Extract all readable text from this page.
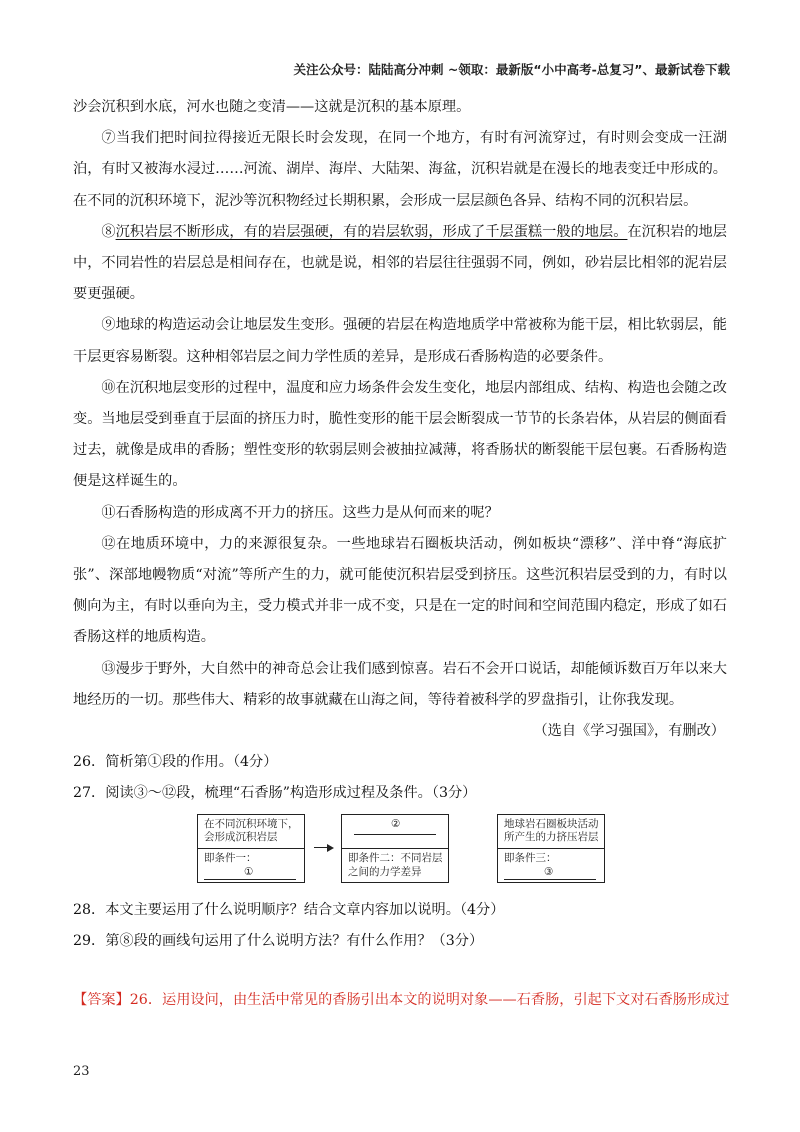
关注公众号：陆陆高分冲刺 ~领取：最新版“小中高考-总复习”、最新试卷下载

沙会沉积到水底，河水也随之变清——这就是沉积的基本原理。

⑦当我们把时间拉得接近无限长时会发现，在同一个地方，有时有河流穿过，有时则会变成一汪湖泊，有时又被海水浸过……河流、湖岸、海岸、大陆架、海盆，沉积岩就是在漫长的地表变迁中形成的。在不同的沉积环境下，泥沙等沉积物经过长期积累，会形成一层层颜色各异、结构不同的沉积岩层。

⑧沉积岩层不断形成，有的岩层强硬，有的岩层软弱，形成了千层蛋糕一般的地层。在沉积岩的地层中，不同岩性的岩层总是相间存在，也就是说，相邻的岩层往往强弱不同，例如，砂岩层比相邻的泥岩层要更强硬。

⑨地球的构造运动会让地层发生变形。强硬的岩层在构造地质学中常被称为能干层，相比软弱层，能干层更容易断裂。这种相邻岩层之间力学性质的差异，是形成石香肠构造的必要条件。

⑩在沉积地层变形的过程中，温度和应力场条件会发生变化，地层内部组成、结构、构造也会随之改变。当地层受到垂直于层面的挤压力时，脆性变形的能干层会断裂成一节节的长条岩体，从岩层的侧面看过去，就像是成串的香肠；塑性变形的软弱层则会被抽拉减薄，将香肠状的断裂能干层包裹。石香肠构造便是这样诞生的。

⑪石香肠构造的形成离不开力的挤压。这些力是从何而来的呢？

⑫在地质环境中，力的来源很复杂。一些地球岩石圈板块活动，例如板块“漂移”、洋中脊“海底扩张”、深部地幔物质“对流”等所产生的力，就可能使沉积岩层受到挤压。这些沉积岩层受到的力，有时以侧向为主，有时以垂向为主，受力模式并非一成不变，只是在一定的时间和空间范围内稳定，形成了如石香肠这样的地质构造。

⑬漫步于野外，大自然中的神奇总会让我们感到惊喜。岩石不会开口说话，却能倾诉数百万年以来大地经历的一切。那些伟大、精彩的故事就藏在山海之间，等待着被科学的罗盘指引，让你我发现。

（选自《学习强国》，有删改）

26．简析第①段的作用。（4分）

27．阅读③～⑫段，梳理“石香肠”构造形成过程及条件。（3分）

在不同沉积环境下，
会形成沉积岩层
即条件一：
①
②
即条件二：不同岩层
之间的力学差异
地球岩石圈板块活动
所产生的力挤压岩层
即条件三：
③

28．本文主要运用了什么说明顺序？结合文章内容加以说明。（4分）

29．第⑧段的画线句运用了什么说明方法？有什么作用？（3分）

【答案】26．运用设问，由生活中常见的香肠引出本文的说明对象——石香肠，引起下文对石香肠形成过
23
